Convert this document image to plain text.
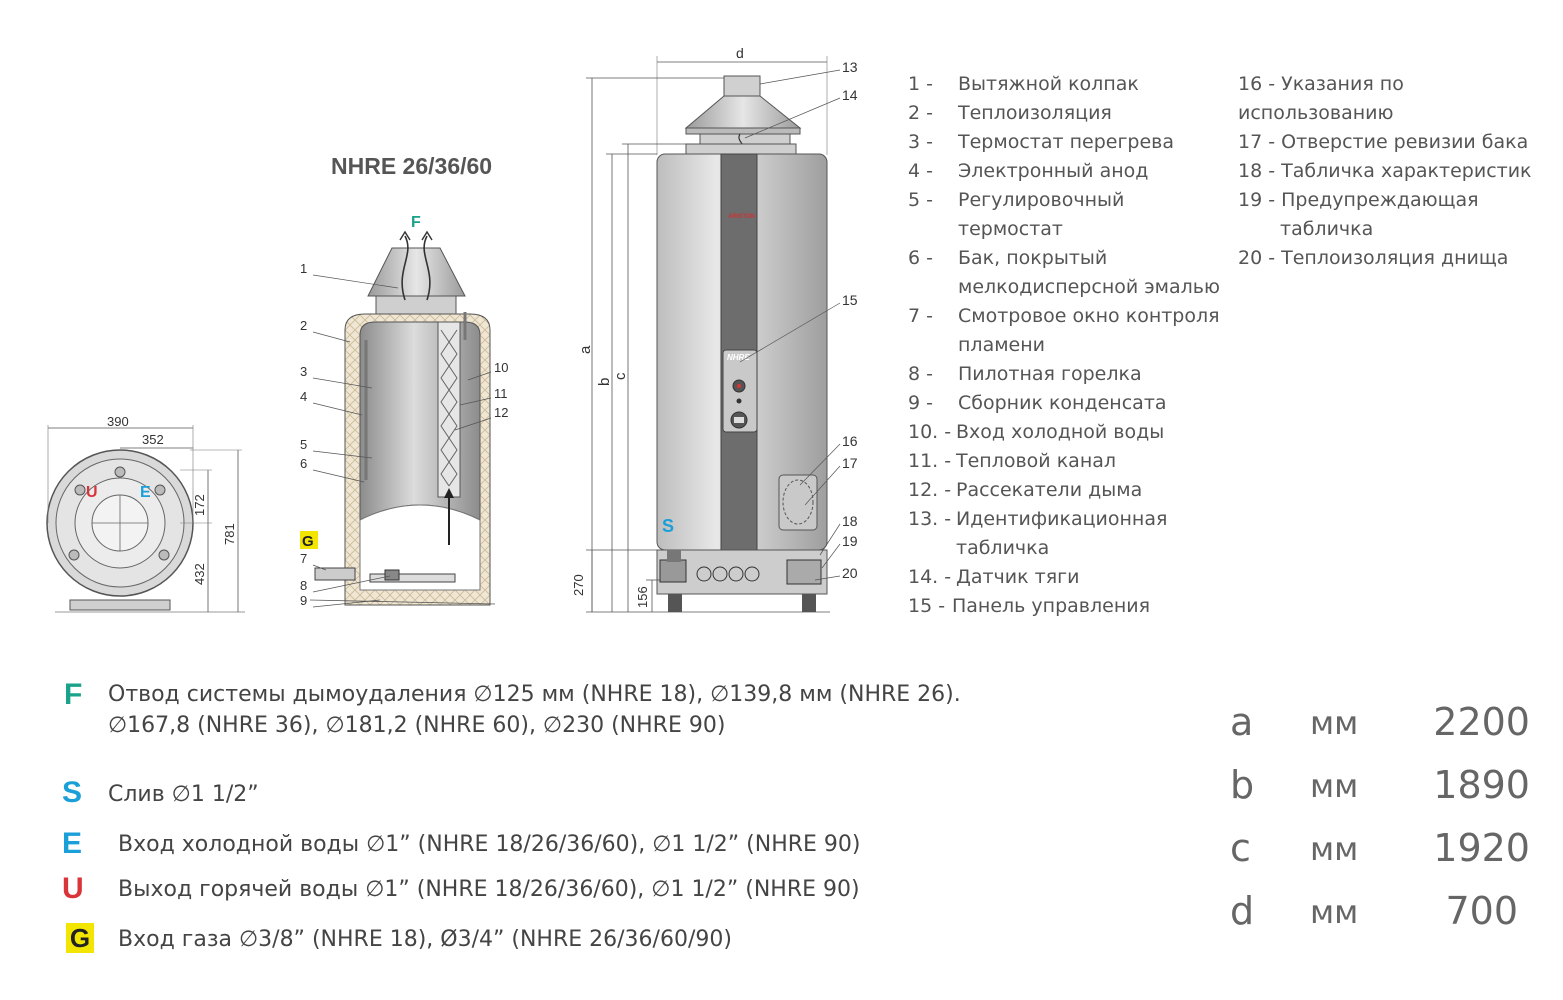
390
352
781
432
172
U	E
NHRE 26/36/60
F
G
1
2
3
4
5
6
7
8
9
10
11
12
d
ARISTON
NHRE
S
a
b
c
270
156
13
14
15
16
17
18
19
20
1 -	Вытяжной колпак
2 -	Теплоизоляция
3 -	Термостат перегрева
4 -	Электронный анод
5 -	Регулировочный
термостат
6 -	Бак, покрытый
мелкодисперсной эмалью
7 -	Смотровое окно контроля
пламени
8 -	Пилотная горелка
9 -	Сборник конденсата
10. - Вход холодной воды
11. - Тепловой канал
12. - Рассекатели дыма
13. - Идентификационная
табличка
14. - Датчик тяги
15 - Панель управления
16 - Указания по
использованию
17 - Отверстие ревизии бака
18 - Табличка характеристик
19 - Предупреждающая
табличка
20 - Теплоизоляция днища
F	Отвод системы дымоудаления ∅125 мм (NHRE 18), ∅139,8 мм (NHRE 26).
∅167,8 (NHRE 36), ∅181,2 (NHRE 60), ∅230 (NHRE 90)
S	Слив ∅1 1/2”
E	Вход холодной воды ∅1” (NHRE 18/26/36/60), ∅1 1/2” (NHRE 90)
U	Выход горячей воды ∅1” (NHRE 18/26/36/60), ∅1 1/2” (NHRE 90)
G Вход газа ∅3/8” (NHRE 18), Ø3/4” (NHRE 26/36/60/90)
a мм 2200
b мм 1890
c мм 1920
d мм 700
